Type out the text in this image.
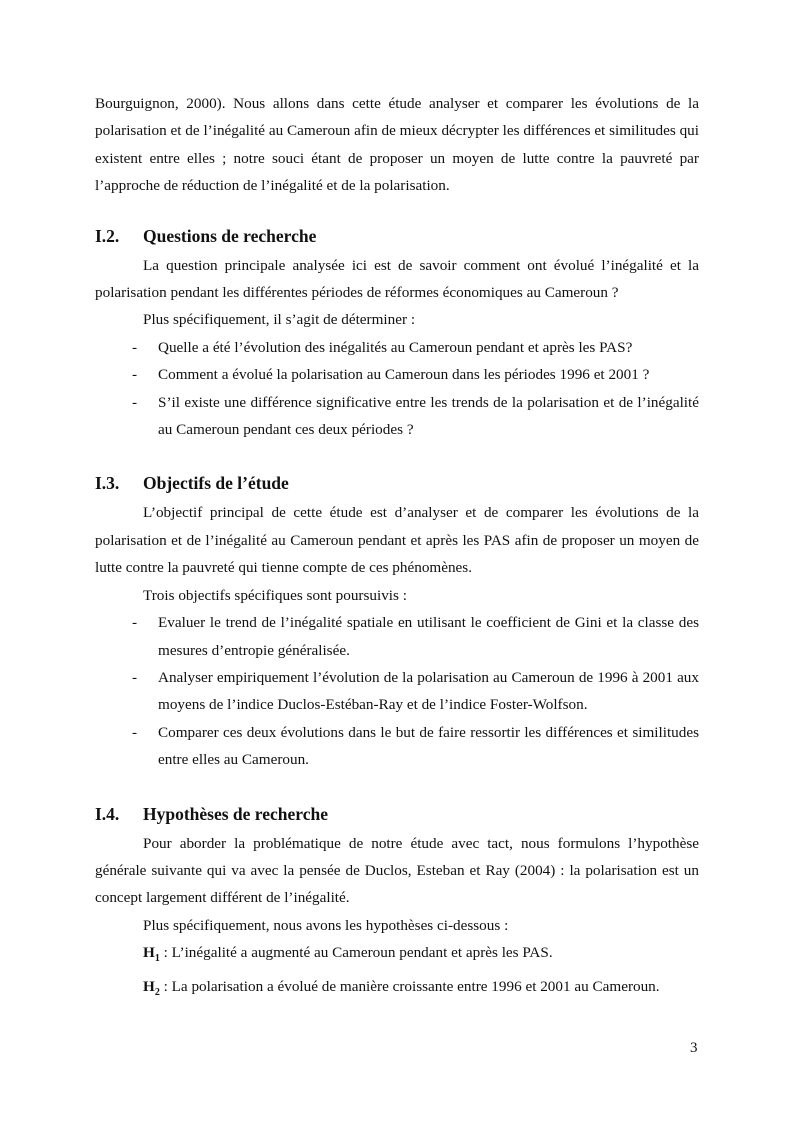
Bourguignon, 2000). Nous allons dans cette étude analyser et comparer les évolutions de la polarisation et de l’inégalité au Cameroun afin de mieux décrypter les différences et similitudes qui existent entre elles ; notre souci étant de proposer un moyen de lutte contre la pauvreté par l’approche de réduction de l’inégalité et de la polarisation.

I.2.	Questions de recherche

La question principale analysée ici est de savoir comment ont évolué l’inégalité et la polarisation pendant les différentes périodes de réformes économiques au Cameroun ?

Plus spécifiquement, il s’agit de déterminer :

- Quelle a été l’évolution des inégalités au Cameroun pendant et après les PAS?
- Comment a évolué la polarisation au Cameroun dans les périodes 1996 et 2001 ?
- S’il existe une différence significative entre les trends de la polarisation et de l’inégalité au Cameroun pendant ces deux périodes ?
I.3.	Objectifs de l’étude

L’objectif principal de cette étude est d’analyser et de comparer les évolutions de la polarisation et de l’inégalité au Cameroun pendant et après les PAS afin de proposer un moyen de lutte contre la pauvreté qui tienne compte de ces phénomènes.

Trois objectifs spécifiques sont poursuivis :

- Evaluer le trend de l’inégalité spatiale en utilisant le coefficient de Gini et la classe des mesures d’entropie généralisée.
- Analyser empiriquement l’évolution de la polarisation au Cameroun de 1996 à 2001 aux moyens de l’indice Duclos-Estéban-Ray et de l’indice Foster-Wolfson.
- Comparer ces deux évolutions dans le but de faire ressortir les différences et similitudes entre elles au Cameroun.
I.4.	Hypothèses de recherche

Pour aborder la problématique de notre étude avec tact, nous formulons l’hypothèse générale suivante qui va avec la pensée de Duclos, Esteban et Ray (2004) : la polarisation est un concept largement différent de l’inégalité.

Plus spécifiquement, nous avons les hypothèses ci-dessous :

$H_1$ : L’inégalité a augmenté au Cameroun pendant et après les PAS.
$H_2$ : La polarisation a évolué de manière croissante entre 1996 et 2001 au Cameroun.
3
